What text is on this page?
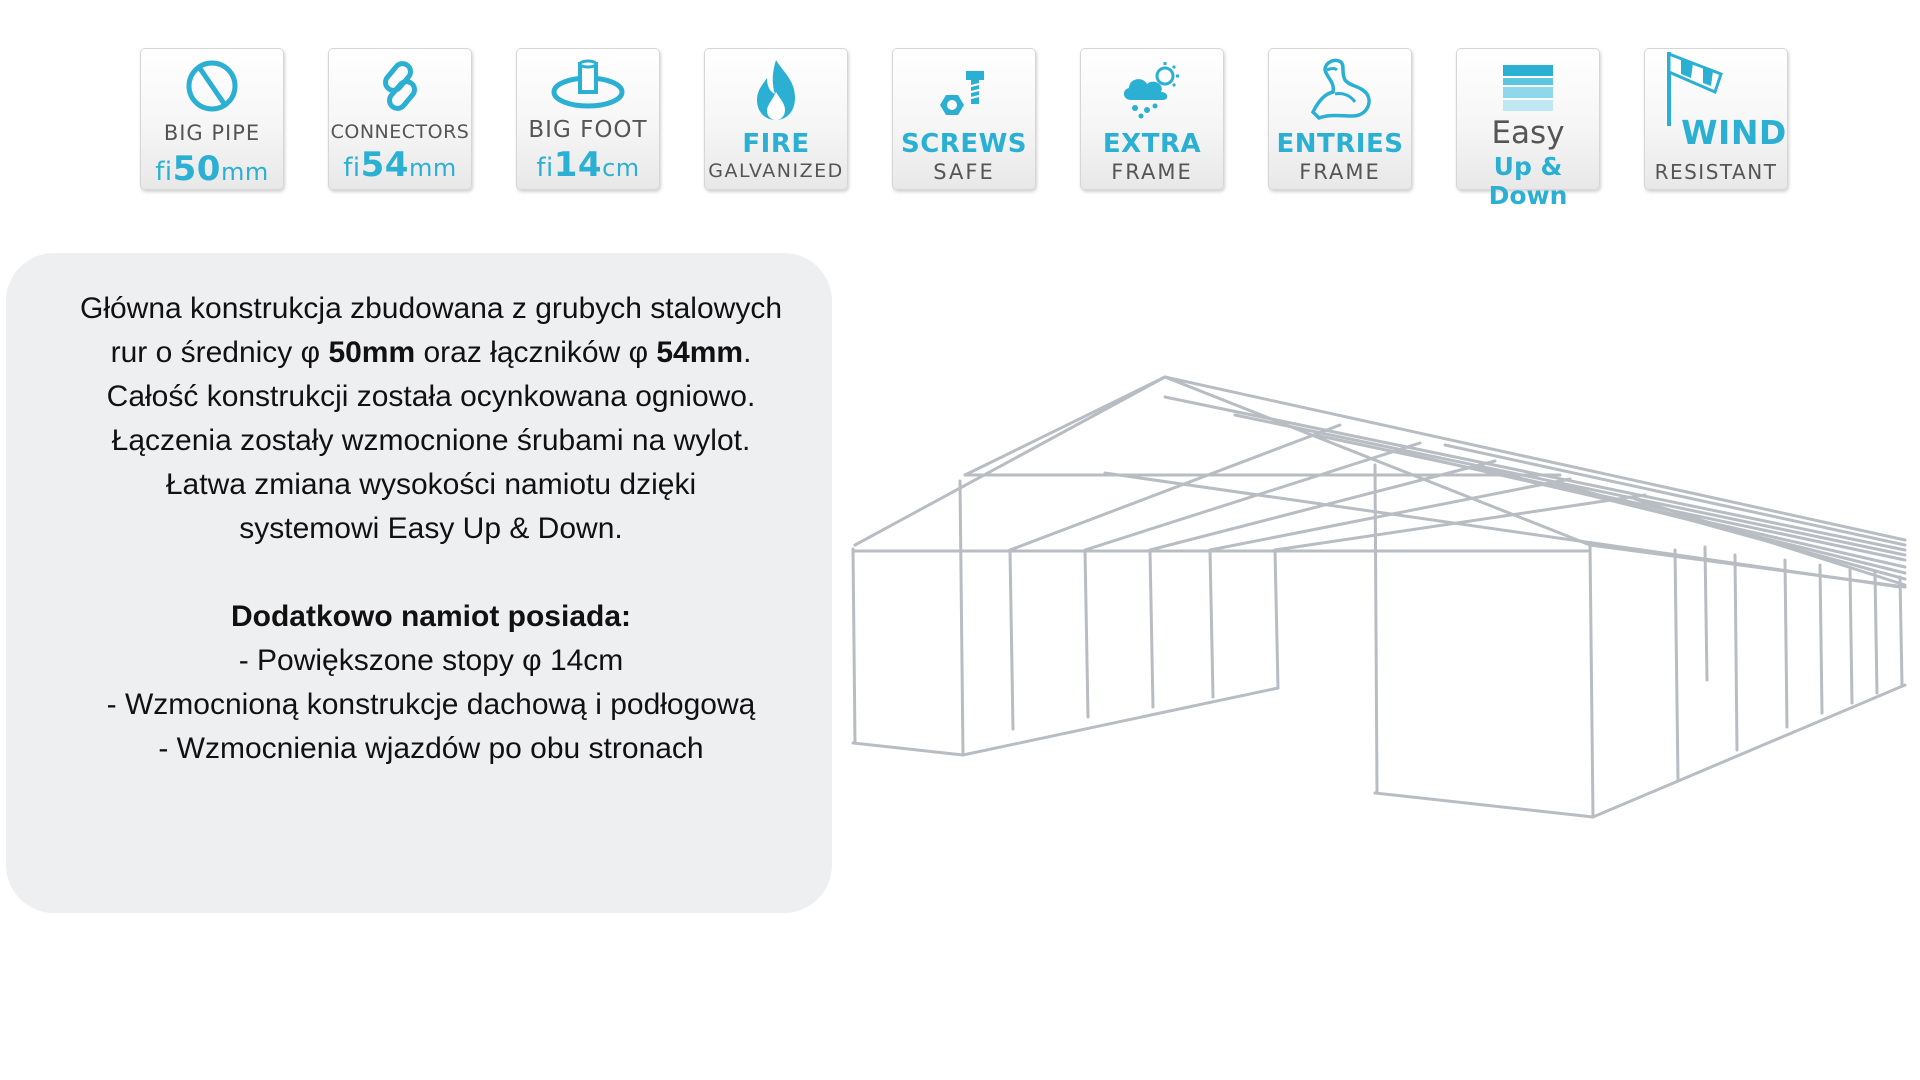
BIG PIPE
fi50mm
CONNECTORS
fi54mm
BIG FOOT
fi14cm
FIRE
GALVANIZED
SCREWS
SAFE
EXTRA
FRAME
ENTRIES
FRAME
Easy
Up & Down
WIND
RESISTANT
Główna konstrukcja zbudowana z grubych stalowych
rur o średnicy φ 50mm oraz łączników φ 54mm.
Całość konstrukcji została ocynkowana ogniowo.
Łączenia zostały wzmocnione śrubami na wylot.
Łatwa zmiana wysokości namiotu dzięki
systemowi Easy Up & Down.
Dodatkowo namiot posiada:
- Powiększone stopy φ 14cm
- Wzmocnioną konstrukcje dachową i podłogową
- Wzmocnienia wjazdów po obu stronach
